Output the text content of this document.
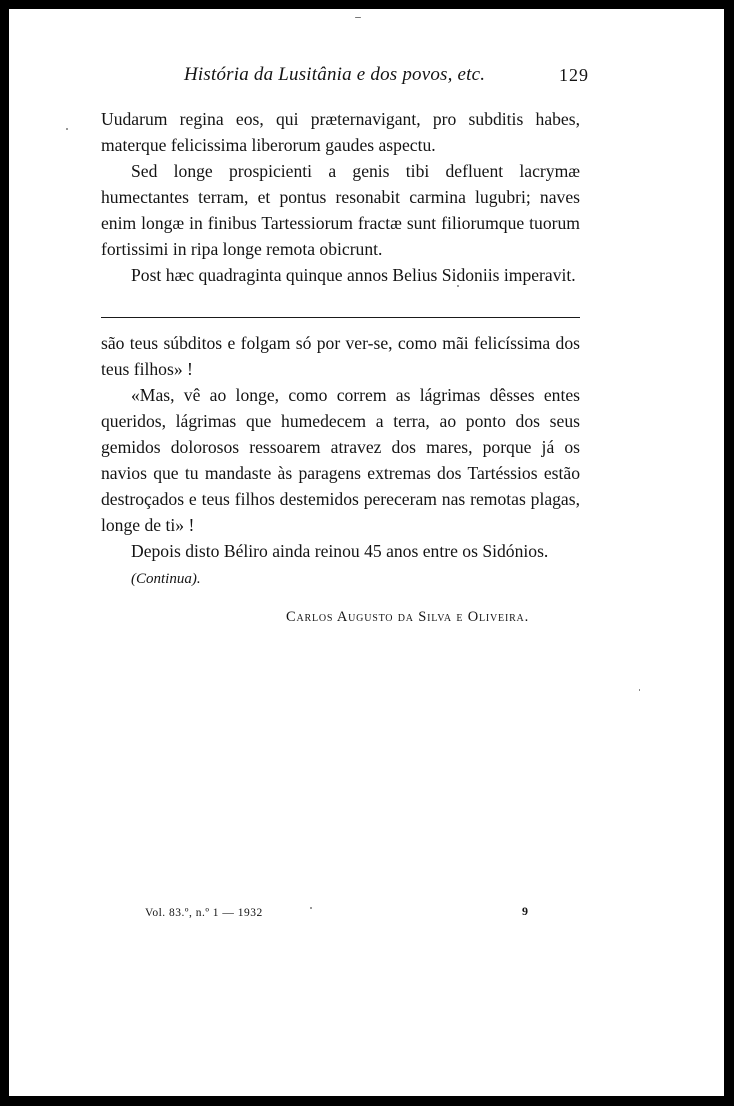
História da Lusitânia e dos povos, etc.	129

Uudarum regina eos, qui præternavigant, pro subditis habes, materque felicissima liberorum gaudes aspectu.

Sed longe prospicienti a genis tibi defluent lacrymæ humectantes terram, et pontus resonabit carmina lugubri; naves enim longæ in finibus Tartessiorum fractæ sunt filiorumque tuorum fortissimi in ripa longe remota obicrunt.

Post hæc quadraginta quinque annos Belius Sidoniis imperavit.

são teus súbditos e folgam só por ver-se, como mãi felicíssima dos teus filhos» !

«Mas, vê ao longe, como correm as lágrimas dêsses entes queridos, lágrimas que humedecem a terra, ao ponto dos seus gemidos dolorosos ressoarem atravez dos mares, porque já os navios que tu mandaste às paragens extremas dos Tartéssios estão destroçados e teus filhos destemidos pereceram nas remotas plagas, longe de ti» !

Depois disto Béliro ainda reinou 45 anos entre os Sidónios.

(Continua).
Carlos Augusto da Silva e Oliveira.
Vol. 83.º, n.º 1 — 1932	9
